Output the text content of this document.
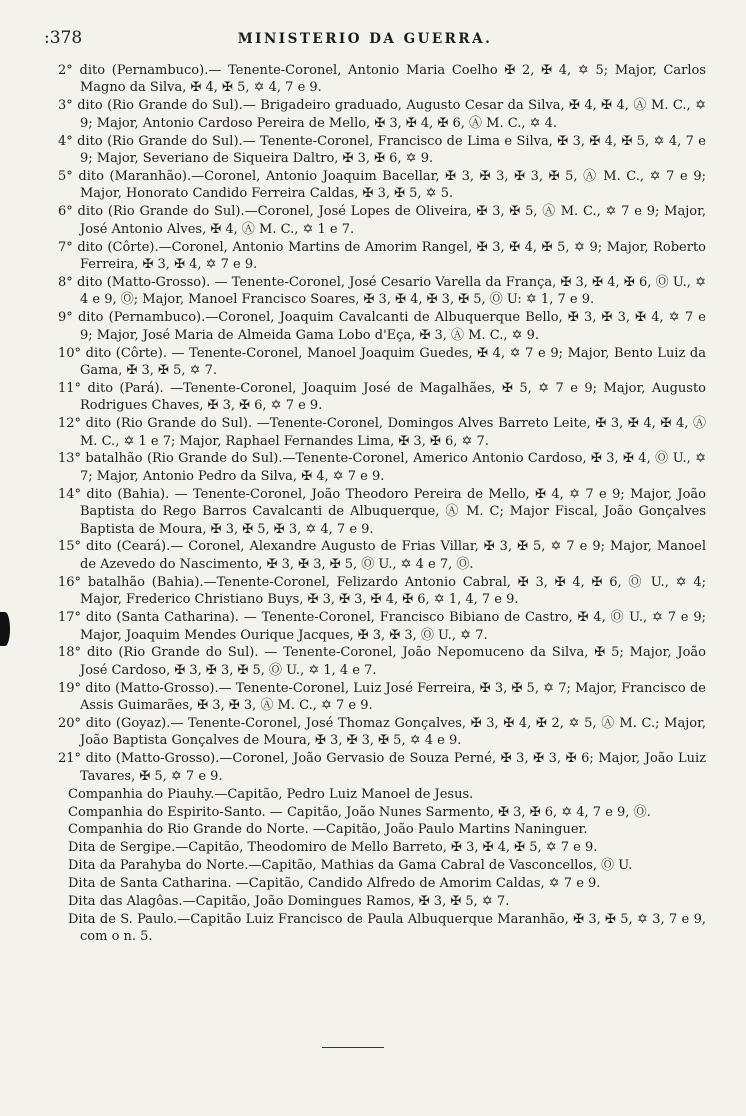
:378	MINISTERIO DA GUERRA.

2° dito (Pernambuco).— Tenente-Coronel, Antonio Maria Coelho ✠ 2, ✠ 4, ✡ 5; Major, Carlos Magno da Silva, ✠ 4, ✠ 5, ✡ 4, 7 e 9.

3° dito (Rio Grande do Sul).— Brigadeiro graduado, Augusto Cesar da Silva, ✠ 4, ✠ 4, Ⓐ M. C., ✡ 9; Major, Antonio Cardoso Pereira de Mello, ✠ 3, ✠ 4, ✠ 6, Ⓐ M. C., ✡ 4.

4° dito (Rio Grande do Sul).— Tenente-Coronel, Francisco de Lima e Silva, ✠ 3, ✠ 4, ✠ 5, ✡ 4, 7 e 9; Major, Severiano de Siqueira Daltro, ✠ 3, ✠ 6, ✡ 9.

5° dito (Maranhão).—Coronel, Antonio Joaquim Bacellar, ✠ 3, ✠ 3, ✠ 3, ✠ 5, Ⓐ M. C., ✡ 7 e 9; Major, Honorato Candido Ferreira Caldas, ✠ 3, ✠ 5, ✡ 5.

6° dito (Rio Grande do Sul).—Coronel, José Lopes de Oliveira, ✠ 3, ✠ 5, Ⓐ M. C., ✡ 7 e 9; Major, José Antonio Alves, ✠ 4, Ⓐ M. C., ✡ 1 e 7.

7° dito (Côrte).—Coronel, Antonio Martins de Amorim Rangel, ✠ 3, ✠ 4, ✠ 5, ✡ 9; Major, Roberto Ferreira, ✠ 3, ✠ 4, ✡ 7 e 9.

8° dito (Matto-Grosso). — Tenente-Coronel, José Cesario Varella da França, ✠ 3, ✠ 4, ✠ 6, Ⓞ U., ✡ 4 e 9, Ⓞ; Major, Manoel Francisco Soares, ✠ 3, ✠ 4, ✠ 3, ✠ 5, Ⓞ U: ✡ 1, 7 e 9.

9° dito (Pernambuco).—Coronel, Joaquim Cavalcanti de Albuquerque Bello, ✠ 3, ✠ 3, ✠ 4, ✡ 7 e 9; Major, José Maria de Almeida Gama Lobo d'Eça, ✠ 3, Ⓐ M. C., ✡ 9.

10° dito (Côrte). — Tenente-Coronel, Manoel Joaquim Guedes, ✠ 4, ✡ 7 e 9; Major, Bento Luiz da Gama, ✠ 3, ✠ 5, ✡ 7.

11° dito (Pará). —Tenente-Coronel, Joaquim José de Magalhães, ✠ 5, ✡ 7 e 9; Major, Augusto Rodrigues Chaves, ✠ 3, ✠ 6, ✡ 7 e 9.

12° dito (Rio Grande do Sul). —Tenente-Coronel, Domingos Alves Barreto Leite, ✠ 3, ✠ 4, ✠ 4, Ⓐ M. C., ✡ 1 e 7; Major, Raphael Fernandes Lima, ✠ 3, ✠ 6, ✡ 7.

13° batalhão (Rio Grande do Sul).—Tenente-Coronel, Americo Antonio Cardoso, ✠ 3, ✠ 4, Ⓞ U., ✡ 7; Major, Antonio Pedro da Silva, ✠ 4, ✡ 7 e 9.

14° dito (Bahia). — Tenente-Coronel, João Theodoro Pereira de Mello, ✠ 4, ✡ 7 e 9; Major, João Baptista do Rego Barros Cavalcanti de Albuquerque, Ⓐ M. C; Major Fiscal, João Gonçalves Baptista de Moura, ✠ 3, ✠ 5, ✠ 3, ✡ 4, 7 e 9.

15° dito (Ceará).— Coronel, Alexandre Augusto de Frias Villar, ✠ 3, ✠ 5, ✡ 7 e 9; Major, Manoel de Azevedo do Nascimento, ✠ 3, ✠ 3, ✠ 5, Ⓞ U., ✡ 4 e 7, Ⓞ.

16° batalhão (Bahia).—Tenente-Coronel, Felizardo Antonio Cabral, ✠ 3, ✠ 4, ✠ 6, Ⓞ U., ✡ 4; Major, Frederico Christiano Buys, ✠ 3, ✠ 3, ✠ 4, ✠ 6, ✡ 1, 4, 7 e 9.

17° dito (Santa Catharina). — Tenente-Coronel, Francisco Bibiano de Castro, ✠ 4, Ⓞ U., ✡ 7 e 9; Major, Joaquim Mendes Ourique Jacques, ✠ 3, ✠ 3, Ⓞ U., ✡ 7.

18° dito (Rio Grande do Sul). — Tenente-Coronel, João Nepomuceno da Silva, ✠ 5; Major, João José Cardoso, ✠ 3, ✠ 3, ✠ 5, Ⓞ U., ✡ 1, 4 e 7.

19° dito (Matto-Grosso).— Tenente-Coronel, Luiz José Ferreira, ✠ 3, ✠ 5, ✡ 7; Major, Francisco de Assis Guimarães, ✠ 3, ✠ 3, Ⓐ M. C., ✡ 7 e 9.

20° dito (Goyaz).— Tenente-Coronel, José Thomaz Gonçalves, ✠ 3, ✠ 4, ✠ 2, ✡ 5, Ⓐ M. C.; Major, João Baptista Gonçalves de Moura, ✠ 3, ✠ 3, ✠ 5, ✡ 4 e 9.

21° dito (Matto-Grosso).—Coronel, João Gervasio de Souza Perné, ✠ 3, ✠ 3, ✠ 6; Major, João Luiz Tavares, ✠ 5, ✡ 7 e 9.

Companhia do Piauhy.—Capitão, Pedro Luiz Manoel de Jesus.

Companhia do Espirito-Santo. — Capitão, João Nunes Sarmento, ✠ 3, ✠ 6, ✡ 4, 7 e 9, Ⓞ.

Companhia do Rio Grande do Norte. —Capitão, João Paulo Martins Naninguer.

Dita de Sergipe.—Capitão, Theodomiro de Mello Barreto, ✠ 3, ✠ 4, ✠ 5, ✡ 7 e 9.

Dita da Parahyba do Norte.—Capitão, Mathias da Gama Cabral de Vasconcellos, Ⓞ U.

Dita de Santa Catharina. —Capitão, Candido Alfredo de Amorim Caldas, ✡ 7 e 9.

Dita das Alagôas.—Capitão, João Domingues Ramos, ✠ 3, ✠ 5, ✡ 7.

Dita de S. Paulo.—Capitão Luiz Francisco de Paula Albuquerque Maranhão, ✠ 3, ✠ 5, ✡ 3, 7 e 9, com o n. 5.
